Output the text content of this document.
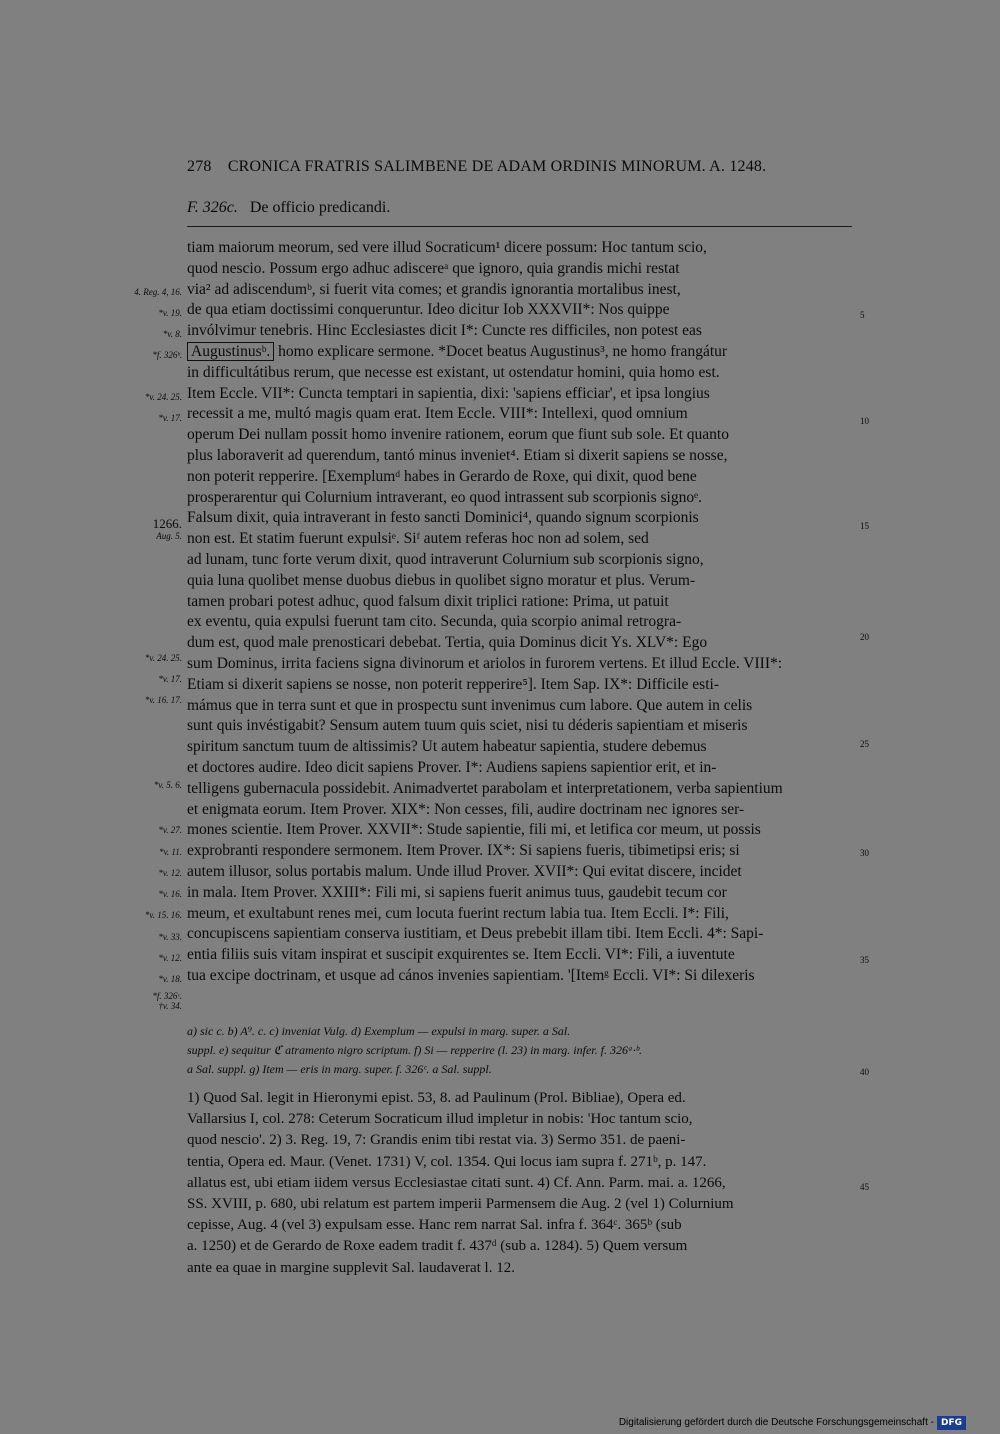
278 CRONICA FRATRIS SALIMBENE DE ADAM ORDINIS MINORUM. A. 1248.
F. 326c. De officio predicandi.
tiam maiorum meorum, sed vere illud Socraticum¹ dicere possum: Hoc tantum scio,
quod nescio. Possum ergo adhuc adiscereᵃ que ignoro, quia grandis michi restat
via² ad adiscendumᵇ, si fuerit vita comes; et grandis ignorantia mortalibus inest,
de qua etiam doctissimi conqueruntur. Ideo dicitur Iob XXXVII*: Nos quippe
invólvimur tenebris. Hinc Ecclesiastes dicit I*: Cuncte res difficiles, non potest eas
Augustinusᵇ. homo explicare sermone. *Docet beatus Augustinus³, ne homo frangátur
in difficultátibus rerum, que necesse est existant, ut ostendatur homini, quia homo est.
Item Eccle. VII*: Cuncta temptari in sapientia, dixi: 'sapiens efficiar', et ipsa longius
recessit a me, multó magis quam erat. Item Eccle. VIII*: Intellexi, quod omnium
operum Dei nullam possit homo invenire rationem, eorum que fiunt sub sole. Et quanto
plus laboraverit ad querendum, tantó minus inveniet⁴. Etiam si dixerit sapiens se nosse,
non poterit repperire. [Exemplumᵈ habes in Gerardo de Roxe, qui dixit, quod bene
prosperarentur qui Colurnium intraverant, eo quod intrassent sub scorpionis signoᵉ.
Falsum dixit, quia intraverant in festo sancti Dominici⁴, quando signum scorpionis
non est. Et statim fuerunt expulsiᵉ. Siᶠ autem referas hoc non ad solem, sed
ad lunam, tunc forte verum dixit, quod intraverunt Colurnium sub scorpionis signo,
quia luna quolibet mense duobus diebus in quolibet signo moratur et plus. Verum-
tamen probari potest adhuc, quod falsum dixit triplici ratione: Prima, ut patuit
ex eventu, quia expulsi fuerunt tam cito. Secunda, quia scorpio animal retrogra-
dum est, quod male prenosticari debebat. Tertia, quia Dominus dicit Ys. XLV*: Ego
sum Dominus, irrita faciens signa divinorum et ariolos in furorem vertens. Et illud Eccle. VIII*:
Etiam si dixerit sapiens se nosse, non poterit repperire⁵]. Item Sap. IX*: Difficile esti-
mámus que in terra sunt et que in prospectu sunt invenimus cum labore. Que autem in celis
sunt quis invéstigabit? Sensum autem tuum quis sciet, nisi tu déderis sapientiam et miseris
spiritum sanctum tuum de altissimis? Ut autem habeatur sapientia, studere debemus
et doctores audire. Ideo dicit sapiens Prover. I*: Audiens sapiens sapientior erit, et in-
telligens gubernacula possidebit. Animadvertet parabolam et interpretationem, verba sapientium
et enigmata eorum. Item Prover. XIX*: Non cesses, fili, audire doctrinam nec ignores ser-
mones scientie. Item Prover. XXVII*: Stude sapientie, fili mi, et letifica cor meum, ut possis
exprobranti respondere sermonem. Item Prover. IX*: Si sapiens fueris, tibimetipsi eris; si
autem illusor, solus portabis malum. Unde illud Prover. XVII*: Qui evitat discere, incidet
in mala. Item Prover. XXIII*: Fili mi, si sapiens fuerit animus tuus, gaudebit tecum cor
meum, et exultabunt renes mei, cum locuta fuerint rectum labia tua. Item Eccli. I*: Fili,
concupiscens sapientiam conserva iustitiam, et Deus prebebit illam tibi. Item Eccli. 4*: Sapi-
entia filiis suis vitam inspirat et suscipit exquirentes se. Item Eccli. VI*: Fili, a iuventute
tua excipe doctrinam, et usque ad cános invenies sapientiam. '[Itemᵍ Eccli. VI*: Si dilexeris
4. Reg. 4, 16.
*v. 19.
*v. 8.
*f. 326ᵇ.
*v. 24. 25.
*v. 17.
1266.
Aug. 5.
*v. 24. 25.
*v. 17.
*v. 16. 17.
*v. 5. 6.
*v. 27.
*v. 11.
*v. 12.
*v. 16.
*v. 15. 16.
*v. 33.
*v. 12.
*v. 18.
*f. 326ᶜ.
†v. 34.
5
10
15
20
25
30
35
40
45
a) sic c. b) A⁹. c. c) inveniat Vulg. d) Exemplum — expulsi in marg. super. a Sal.
suppl. e) sequitur ℭ atramento nigro scriptum. f) Si — repperire (l. 23) in marg. infer. f. 326ᵃ·ᵇ.
a Sal. suppl. g) Item — eris in marg. super. f. 326ᶜ. a Sal. suppl.
1) Quod Sal. legit in Hieronymi epist. 53, 8. ad Paulinum (Prol. Bibliae), Opera ed.
Vallarsius I, col. 278: Ceterum Socraticum illud impletur in nobis: 'Hoc tantum scio,
quod nescio'. 2) 3. Reg. 19, 7: Grandis enim tibi restat via. 3) Sermo 351. de paeni-
tentia, Opera ed. Maur. (Venet. 1731) V, col. 1354. Qui locus iam supra f. 271ᵇ, p. 147.
allatus est, ubi etiam iidem versus Ecclesiastae citati sunt. 4) Cf. Ann. Parm. mai. a. 1266,
SS. XVIII, p. 680, ubi relatum est partem imperii Parmensem die Aug. 2 (vel 1) Colurnium
cepisse, Aug. 4 (vel 3) expulsam esse. Hanc rem narrat Sal. infra f. 364ᶜ. 365ᵇ (sub
a. 1250) et de Gerardo de Roxe eadem tradit f. 437ᵈ (sub a. 1284). 5) Quem versum
ante ea quae in margine supplevit Sal. laudaverat l. 12.
Digitalisierung gefördert durch die Deutsche Forschungsgemeinschaft - DFG
